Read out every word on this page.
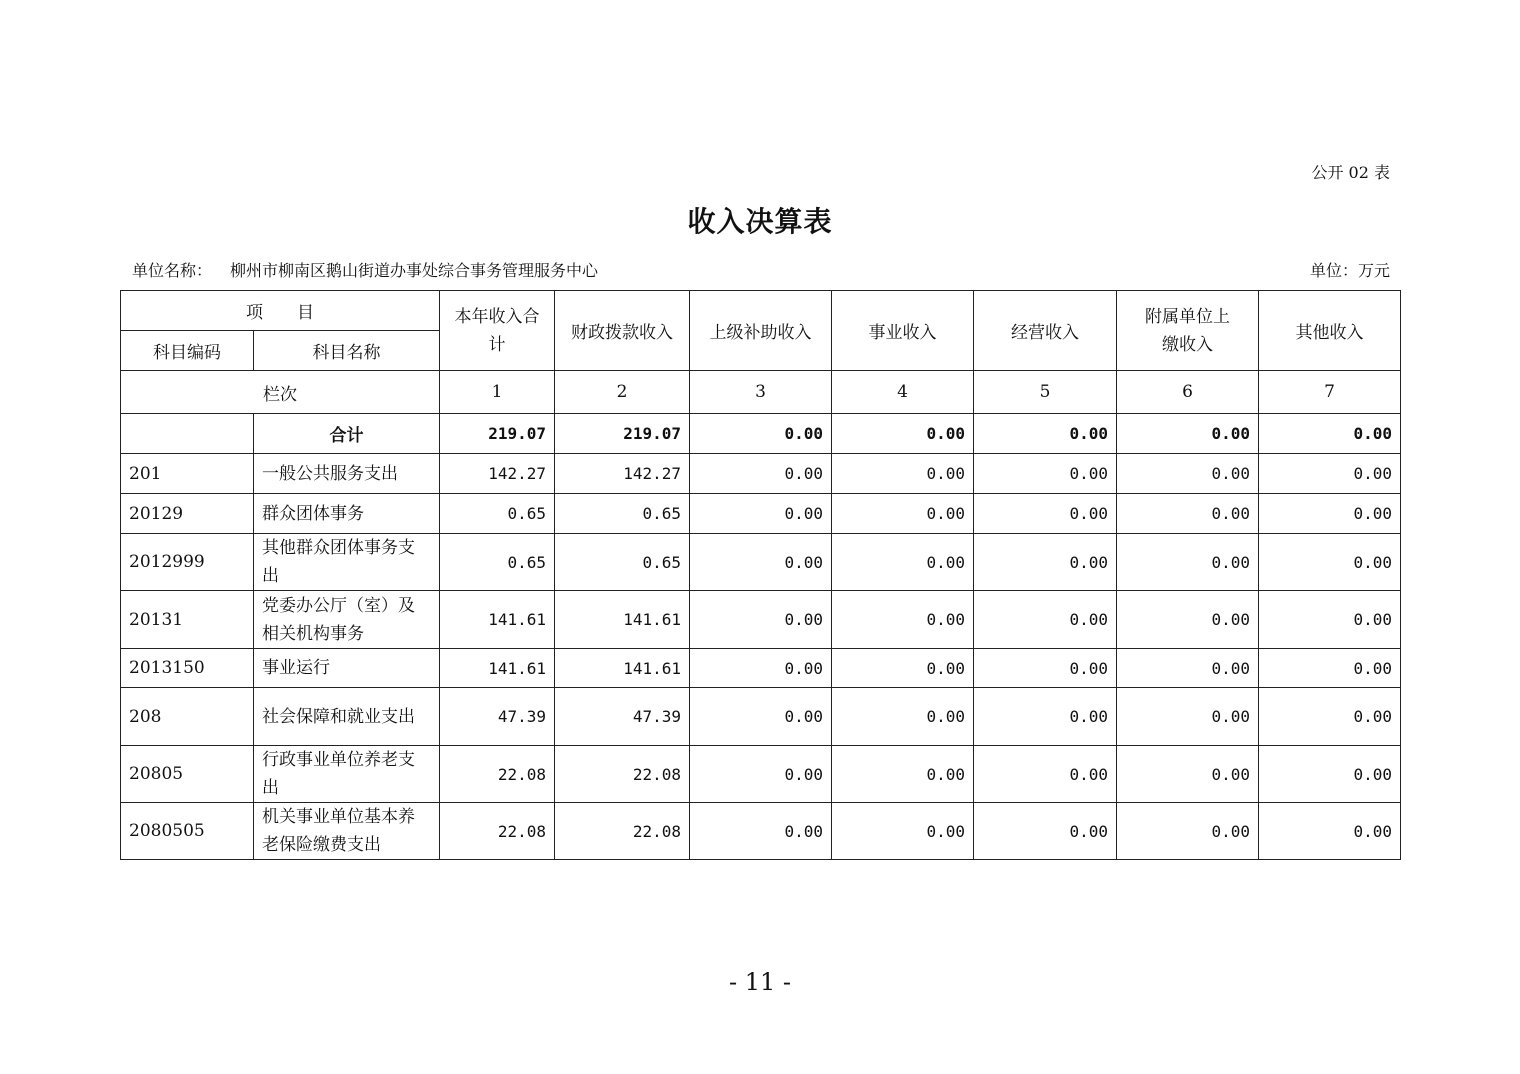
公开 02 表
收入决算表
单位名称： 柳州市柳南区鹅山街道办事处综合事务管理服务中心	单位：万元
项　　目		本年收入合计	财政拨款收入	上级补助收入	事业收入	经营收入	附属单位上缴收入	其他收入
科目编码	科目名称							
栏次		1	2	3	4	5	6	7
	合计	219.07	219.07	0.00	0.00	0.00	0.00	0.00
201	一般公共服务支出	142.27	142.27	0.00	0.00	0.00	0.00	0.00
20129	群众团体事务	0.65	0.65	0.00	0.00	0.00	0.00	0.00
2012999	其他群众团体事务支出	0.65	0.65	0.00	0.00	0.00	0.00	0.00
20131	党委办公厅（室）及相关机构事务	141.61	141.61	0.00	0.00	0.00	0.00	0.00
2013150	事业运行	141.61	141.61	0.00	0.00	0.00	0.00	0.00
208	社会保障和就业支出	47.39	47.39	0.00	0.00	0.00	0.00	0.00
20805	行政事业单位养老支出	22.08	22.08	0.00	0.00	0.00	0.00	0.00
2080505	机关事业单位基本养老保险缴费支出	22.08	22.08	0.00	0.00	0.00	0.00	0.00
- 11 -
